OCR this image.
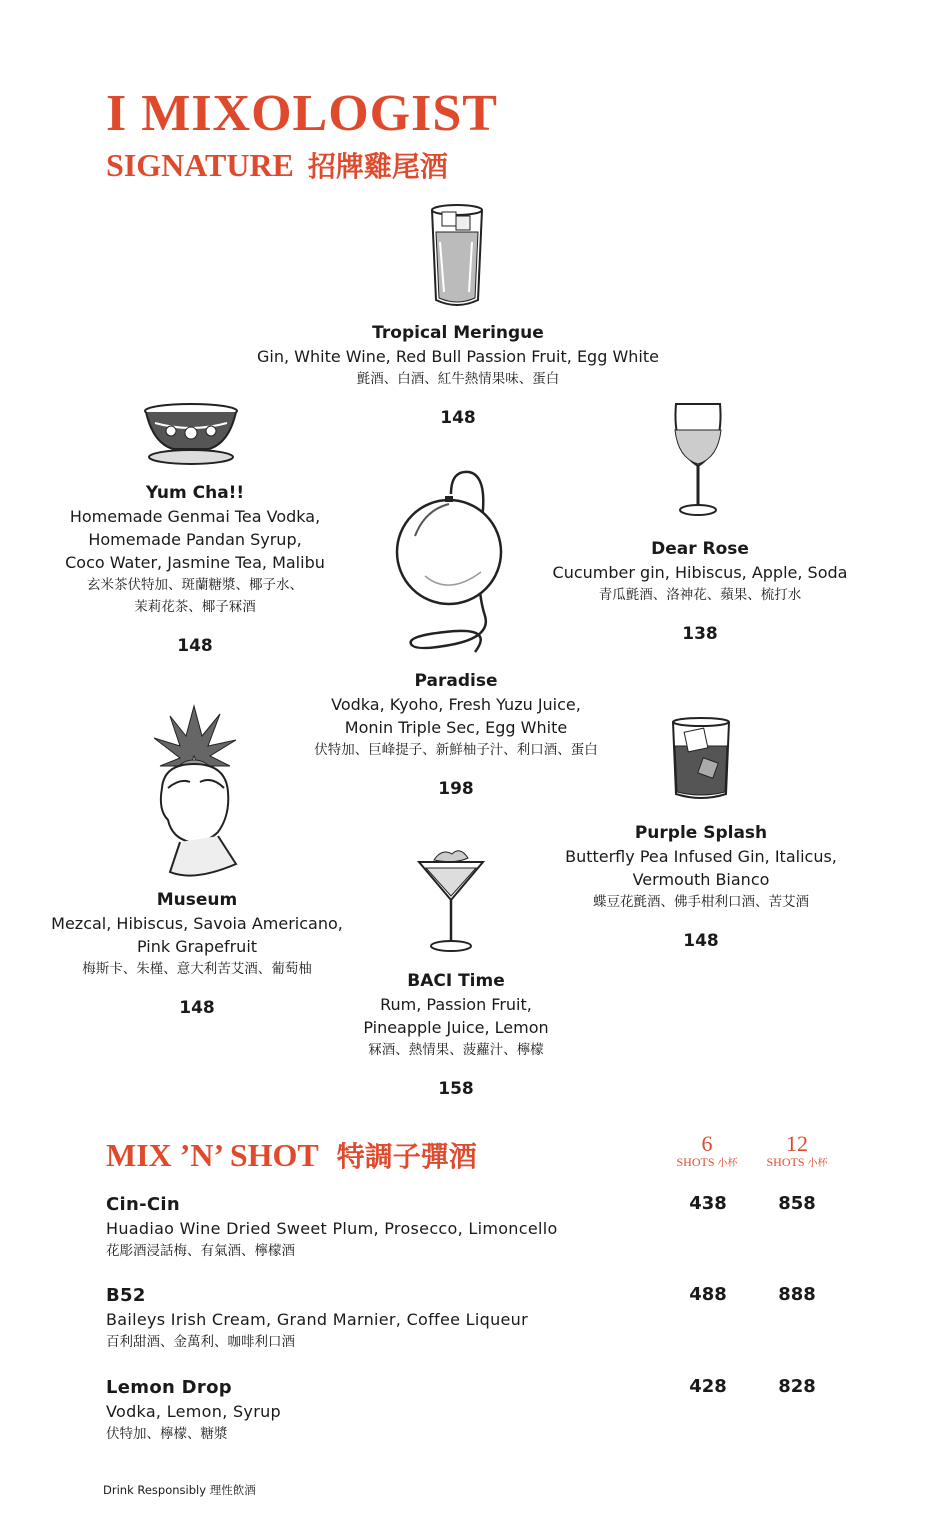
I MIXOLOGIST
SIGNATURE 招牌雞尾酒
Tropical Meringue
Gin, White Wine, Red Bull Passion Fruit, Egg White
氈酒、白酒、紅牛熱情果味、蛋白
148
Yum Cha!!
Homemade Genmai Tea Vodka,
Homemade Pandan Syrup,
Coco Water, Jasmine Tea, Malibu
玄米茶伏特加、斑蘭糖漿、椰子水、
茉莉花茶、椰子冧酒
148
Dear Rose
Cucumber gin, Hibiscus, Apple, Soda
青瓜氈酒、洛神花、蘋果、梳打水
138
Paradise
Vodka, Kyoho, Fresh Yuzu Juice,
Monin Triple Sec, Egg White
伏特加、巨峰提子、新鮮柚子汁、利口酒、蛋白
198
Museum
Mezcal, Hibiscus, Savoia Americano,
Pink Grapefruit
梅斯卡、朱槿、意大利苦艾酒、葡萄柚
148
Purple Splash
Butterfly Pea Infused Gin, Italicus,
Vermouth Bianco
蝶豆花氈酒、佛手柑利口酒、苦艾酒
148
BACI Time
Rum, Passion Fruit,
Pineapple Juice, Lemon
冧酒、熱情果、菠蘿汁、檸檬
158
MIX ’N’ SHOT 特調子彈酒	6
SHOTS 小杯
12
SHOTS 小杯
Cin-Cin
Huadiao Wine Dried Sweet Plum, Prosecco, Limoncello
花彫酒浸話梅、有氣酒、檸檬酒
438	858
B52
Baileys Irish Cream, Grand Marnier, Coffee Liqueur
百利甜酒、金萬利、咖啡利口酒
488	888
Lemon Drop
Vodka, Lemon, Syrup
伏特加、檸檬、糖漿
428	828
Drink Responsibly 理性飲酒
